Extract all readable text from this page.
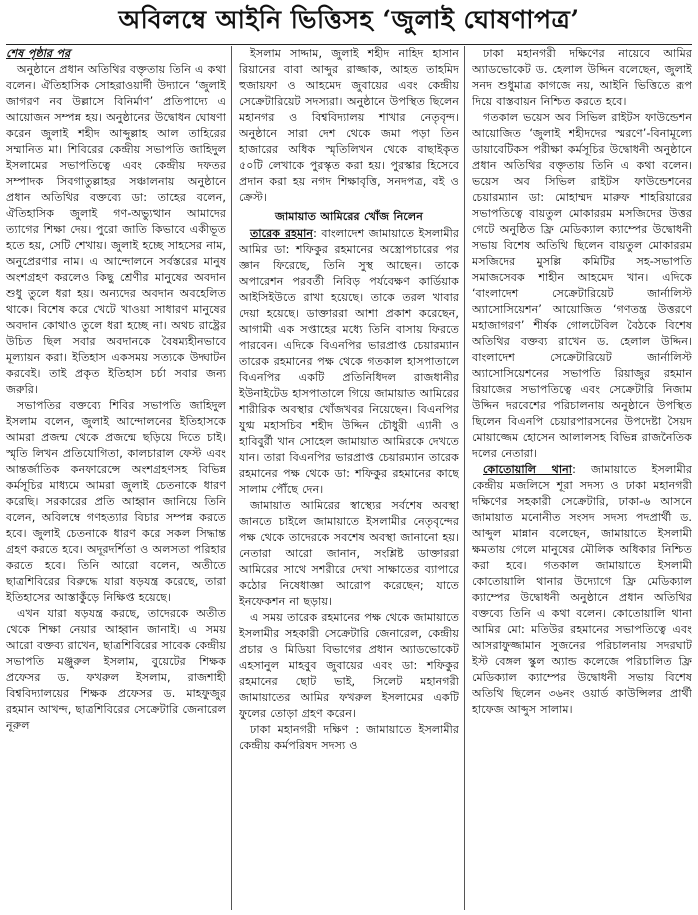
অবিলম্বে আইনি ভিত্তিসহ ‘জুলাই ঘোষণাপত্র’

শেষ পৃষ্ঠার পর

অনুষ্ঠানে প্রধান অতিথির বক্তৃতায় তিনি এ কথা বলেন। ঐতিহাসিক সোহরাওয়ার্দী উদ্যানে ‘জুলাই জাগরণ নব উল্লাসে বিনির্মাণ’ প্রতিপাদ্যে এ আয়োজন সম্পন্ন হয়। অনুষ্ঠানের উদ্বোধন ঘোষণা করেন জুলাই শহীদ আব্দুল্লাহ আল তাহিরের সম্মানিত মা। শিবিরের কেন্দ্রীয় সভাপতি জাহিদুল ইসলামের সভাপতিত্বে এবং কেন্দ্রীয় দফতর সম্পাদক সিবগাতুল্লাহর সঞ্চালনায় অনুষ্ঠানে প্রধান অতিথির বক্তব্যে ডা: তাহের বলেন, ঐতিহাসিক জুলাই গণ-অভ্যুত্থান আমাদের ত্যাগের শিক্ষা দেয়। পুরো জাতি কিভাবে একীভূত হতে হয়, সেটি শেখায়। জুলাই হচ্ছে সাহসের নাম, অনুপ্রেরণার নাম। এ আন্দোলনে সর্বস্তরের মানুষ অংশগ্রহণ করলেও কিছু শ্রেণীর মানুষের অবদান শুধু তুলে ধরা হয়। অন্যদের অবদান অবহেলিত থাকে। বিশেষ করে খেটে খাওয়া সাধারণ মানুষের অবদান কোথাও তুলে ধরা হচ্ছে না। অথচ রাষ্ট্রের উচিত ছিল সবার অবদানকে বৈষম্যহীনভাবে মূল্যায়ন করা। ইতিহাস একসময় সত্যকে উদ্ঘাটন করবেই। তাই প্রকৃত ইতিহাস চর্চা সবার জন্য জরুরি।

সভাপতির বক্তব্যে শিবির সভাপতি জাহিদুল ইসলাম বলেন, জুলাই আন্দোলনের ইতিহাসকে আমরা প্রজন্ম থেকে প্রজন্মে ছড়িয়ে দিতে চাই। স্মৃতি লিখন প্রতিযোগিতা, কালচারাল ফেস্ট এবং আন্তর্জাতিক কনফারেন্সে অংশগ্রহণসহ বিভিন্ন কর্মসূচির মাধ্যমে আমরা জুলাই চেতনাকে ধারণ করেছি। সরকারের প্রতি আহ্বান জানিয়ে তিনি বলেন, অবিলম্বে গণহত্যার বিচার সম্পন্ন করতে হবে। জুলাই চেতনাকে ধারণ করে সকল সিদ্ধান্ত গ্রহণ করতে হবে। অদূরদর্শিতা ও অলসতা পরিহার করতে হবে। তিনি আরো বলেন, অতীতে ছাত্রশিবিরের বিরুদ্ধে যারা ষড়যন্ত্র করেছে, তারা ইতিহাসের আস্তাকুঁড়ে নিক্ষিপ্ত হয়েছে।

এখন যারা ষড়যন্ত্র করছে, তাদেরকে অতীত থেকে শিক্ষা নেয়ার আহ্বান জানাই। এ সময় আরো বক্তব্য রাখেন, ছাত্রশিবিরের সাবেক কেন্দ্রীয় সভাপতি মঞ্জুরুল ইসলাম, বুয়েটের শিক্ষক প্রফেসর ড. ফখরুল ইসলাম, রাজশাহী বিশ্ববিদ্যালয়ের শিক্ষক প্রফেসর ড. মাহফুজুর রহমান আখন্দ, ছাত্রশিবিরের সেক্রেটারি জেনারেল নূরুল

ইসলাম সাদ্দাম, জুলাই শহীদ নাহিদ হাসান রিয়ানের বাবা আব্দুর রাজ্জাক, আহত তাহমিদ হুজায়ফা ও আহমেদ জুবায়ের এবং কেন্দ্রীয় সেক্রেটারিয়েট সদস্যরা। অনুষ্ঠানে উপস্থিত ছিলেন মহানগর ও বিশ্ববিদ্যালয় শাখার নেতৃবৃন্দ। অনুষ্ঠানে সারা দেশ থেকে জমা পড়া তিন হাজারের অধিক স্মৃতিলিখন থেকে বাছাইকৃত ৫০টি লেখাকে পুরস্কৃত করা হয়। পুরস্কার হিসেবে প্রদান করা হয় নগদ শিক্ষাবৃত্তি, সনদপত্র, বই ও ক্রেস্ট।

জামায়াত আমিরের খোঁজ নিলেন

তারেক রহমান: বাংলাদেশ জামায়াতে ইসলামীর আমির ডা: শফিকুর রহমানের অস্ত্রোপচারের পর জ্ঞান ফিরেছে, তিনি সুস্থ আছেন। তাকে অপারেশন পরবর্তী নিবিড় পর্যবেক্ষণ কার্ডিয়াক আইসিইউতে রাখা হয়েছে। তাকে তরল খাবার দেয়া হয়েছে। ডাক্তাররা আশা প্রকাশ করেছেন, আগামী এক সপ্তাহের মধ্যে তিনি বাসায় ফিরতে পারবেন। এদিকে বিএনপির ভারপ্রাপ্ত চেয়ারম্যান তারেক রহমানের পক্ষ থেকে গতকাল হাসপাতালে বিএনপির একটি প্রতিনিধিদল রাজধানীর ইউনাইটেড হাসপাতালে গিয়ে জামায়াত আমিরের শারীরিক অবস্থার খোঁজখবর নিয়েছেন। বিএনপির যুগ্ম মহাসচিব শহীদ উদ্দিন চৌধুরী এ্যানী ও হাবিবুর্রী খান সোহেল জামায়াত আমিরকে দেখতে যান। তারা বিএনপির ভারপ্রাপ্ত চেয়ারম্যান তারেক রহমানের পক্ষ থেকে ডা: শফিকুর রহমানের কাছে সালাম পৌঁছে দেন।

জামায়াত আমিরের স্বাস্থ্যের সর্বশেষ অবস্থা জানতে চাইলে জামায়াতে ইসলামীর নেতৃবৃন্দের পক্ষ থেকে তাদেরকে সবশেষ অবস্থা জানানো হয়। নেতারা আরো জানান, সংশ্লিষ্ট ডাক্তাররা আমিরের সাথে সশরীরে দেখা সাক্ষাতের ব্যাপারে কঠোর নিষেধাজ্ঞা আরোপ করেছেন; যাতে ইনফেকশন না ছড়ায়।

এ সময় তারেক রহমানের পক্ষ থেকে জামায়াতে ইসলামীর সহকারী সেক্রেটারি জেনারেল, কেন্দ্রীয় প্রচার ও মিডিয়া বিভাগের প্রধান অ্যাডভোকেট এহসানুল মাহবুব জুবায়ের এবং ডা: শফিকুর রহমানের ছোট ভাই, সিলেট মহানগরী জামায়াতের আমির ফখরুল ইসলামের একটি ফুলের তোড়া গ্রহণ করেন।

ঢাকা মহানগরী দক্ষিণ : জামায়াতে ইসলামীর কেন্দ্রীয় কর্মপরিষদ সদস্য ও

ঢাকা মহানগরী দক্ষিণের নায়েবে আমির অ্যাডভোকেট ড. হেলাল উদ্দিন বলেছেন, জুলাই সনদ শুধুমাত্র কাগজে নয়, আইনি ভিত্তিতে রূপ দিয়ে বাস্তবায়ন নিশ্চিত করতে হবে।

গতকাল ভয়েস অব সিভিল রাইটস ফাউন্ডেশন আয়োজিত ‘জুলাই শহীদদের স্মরণে’-বিনামূল্যে ডায়াবেটিকস পরীক্ষা কর্মসূচির উদ্বোধনী অনুষ্ঠানে প্রধান অতিথির বক্তৃতায় তিনি এ কথা বলেন। ভয়েস অব সিভিল রাইটস ফাউন্ডেশনের চেয়ারম্যান ডা: মোহাম্মদ মারুফ শাহরিয়ারের সভাপতিত্বে বায়তুল মোকাররম মসজিদের উত্তর গেটে অনুষ্ঠিত ফ্রি মেডিক্যাল ক্যাম্পের উদ্বোধনী সভায় বিশেষ অতিথি ছিলেন বায়তুল মোকাররম মসজিদের মুসল্লি কমিটির সহ-সভাপতি সমাজসেবক শাহীন আহমেদ খান। এদিকে ‘বাংলাদেশ সেক্রেটারিয়েট জার্নালিস্ট অ্যাসোসিয়েশন’ আয়োজিত ‘গণতন্ত্র উত্তরণে মহাজাগরণ’ শীর্ষক গোলটেবিল বৈঠকে বিশেষ অতিথির বক্তব্য রাখেন ড. হেলাল উদ্দিন। বাংলাদেশ সেক্রেটারিয়েট জার্নালিস্ট অ্যাসোসিয়েশনের সভাপতি রিয়াজুর রহমান রিয়াজের সভাপতিত্বে এবং সেক্রেটারি নিজাম উদ্দিন দরবেশের পরিচালনায় অনুষ্ঠানে উপস্থিত ছিলেন বিএনপি চেয়ারপারসনের উপদেষ্টা সৈয়দ মোয়াজ্জেম হোসেন আলালসহ বিভিন্ন রাজনৈতিক দলের নেতারা।

কোতোয়ালি থানা: জামায়াতে ইসলামীর কেন্দ্রীয় মজলিসে শূরা সদস্য ও ঢাকা মহানগরী দক্ষিণের সহকারী সেক্রেটারি, ঢাকা-৬ আসনে জামায়াত মনোনীত সংসদ সদস্য পদপ্রার্থী ড. আব্দুল মান্নান বলেছেন, জামায়াতে ইসলামী ক্ষমতায় গেলে মানুষের মৌলিক অধিকার নিশ্চিত করা হবে। গতকাল জামায়াতে ইসলামী কোতোয়ালি থানার উদ্যোগে ফ্রি মেডিক্যাল ক্যাম্পের উদ্বোধনী অনুষ্ঠানে প্রধান অতিথির বক্তব্যে তিনি এ কথা বলেন। কোতোয়ালি থানা আমির মো: মতিউর রহমানের সভাপতিত্বে এবং আসরাফুজ্জামান সুজনের পরিচালনায় সদরঘাট ইস্ট বেঙ্গল স্কুল অ্যান্ড কলেজে পরিচালিত ফ্রি মেডিক্যাল ক্যাম্পের উদ্বোধনী সভায় বিশেষ অতিথি ছিলেন ৩৬নং ওয়ার্ড কাউন্সিলর প্রার্থী হাফেজ আব্দুস সালাম।
